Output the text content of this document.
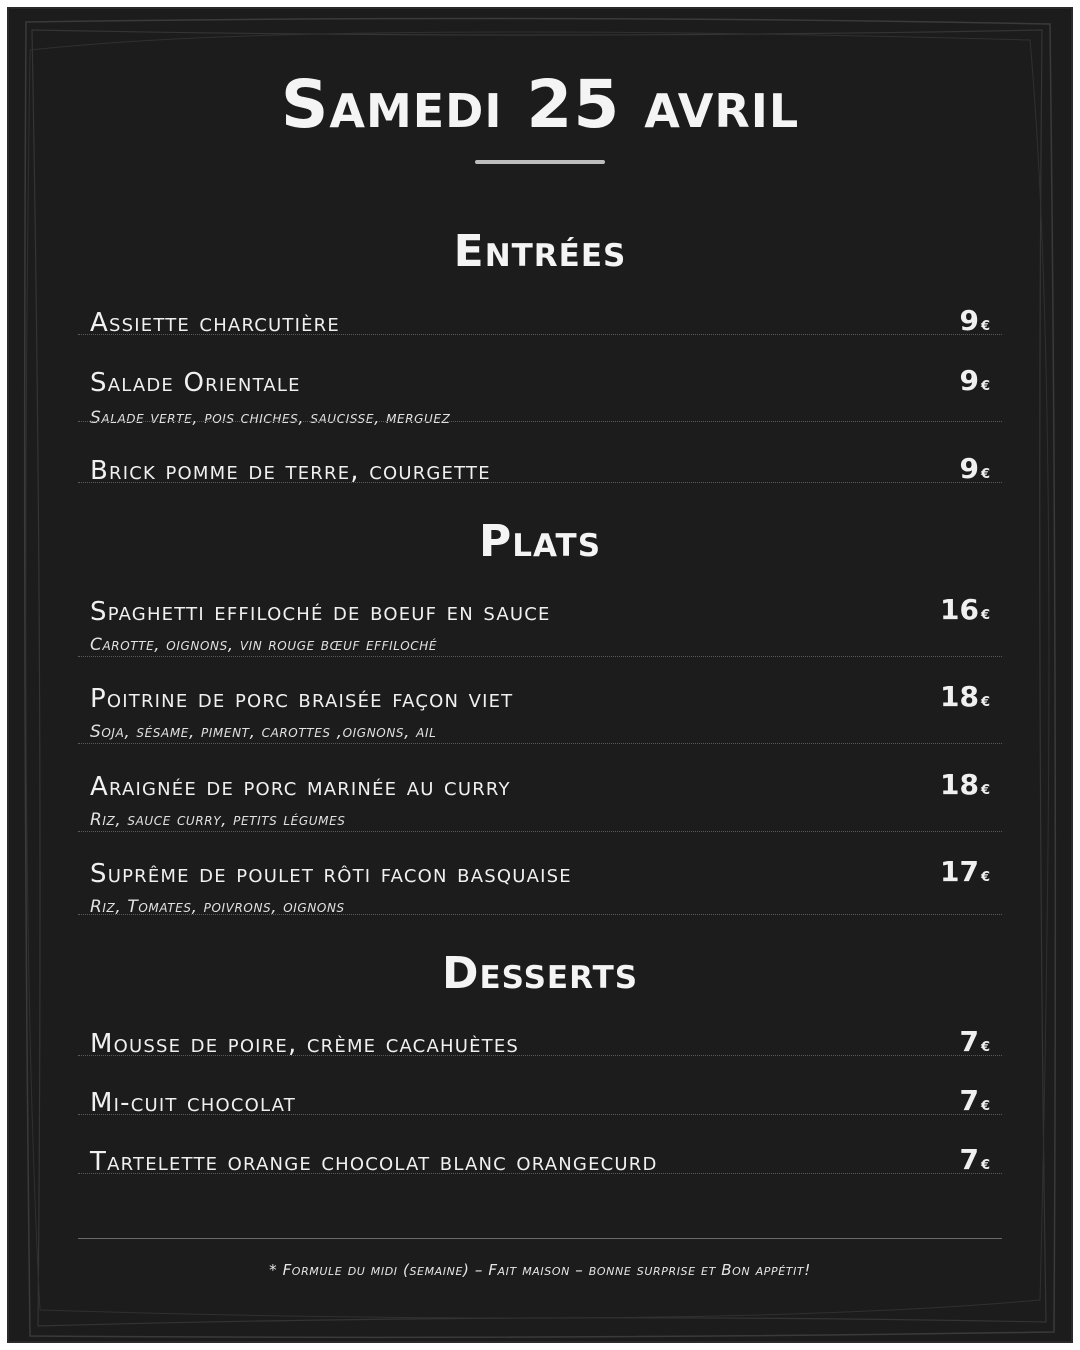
Samedi 25 avril
Entrées
Assiette charcutière	9 €
Salade Orientale	9 €
Salade verte, pois chiches, saucisse, merguez
Brick pomme de terre, courgette	9 €
Plats
Spaghetti effiloché de boeuf en sauce	16 €
Carotte, oignons, vin rouge bœuf effiloché
Poitrine de porc braisée façon viet	18 €
Soja, sésame, piment, carottes ,oignons, ail
Araignée de porc marinée au curry	18 €
Riz, sauce curry, petits légumes
Suprême de poulet rôti facon basquaise	17 €
Riz, Tomates, poivrons, oignons
Desserts
Mousse de poire, crème cacahuètes	7 €
Mi-cuit chocolat	7 €
Tartelette orange chocolat blanc orangecurd	7 €
* Formule du midi (semaine) – Fait maison – bonne surprise et Bon appétit!
